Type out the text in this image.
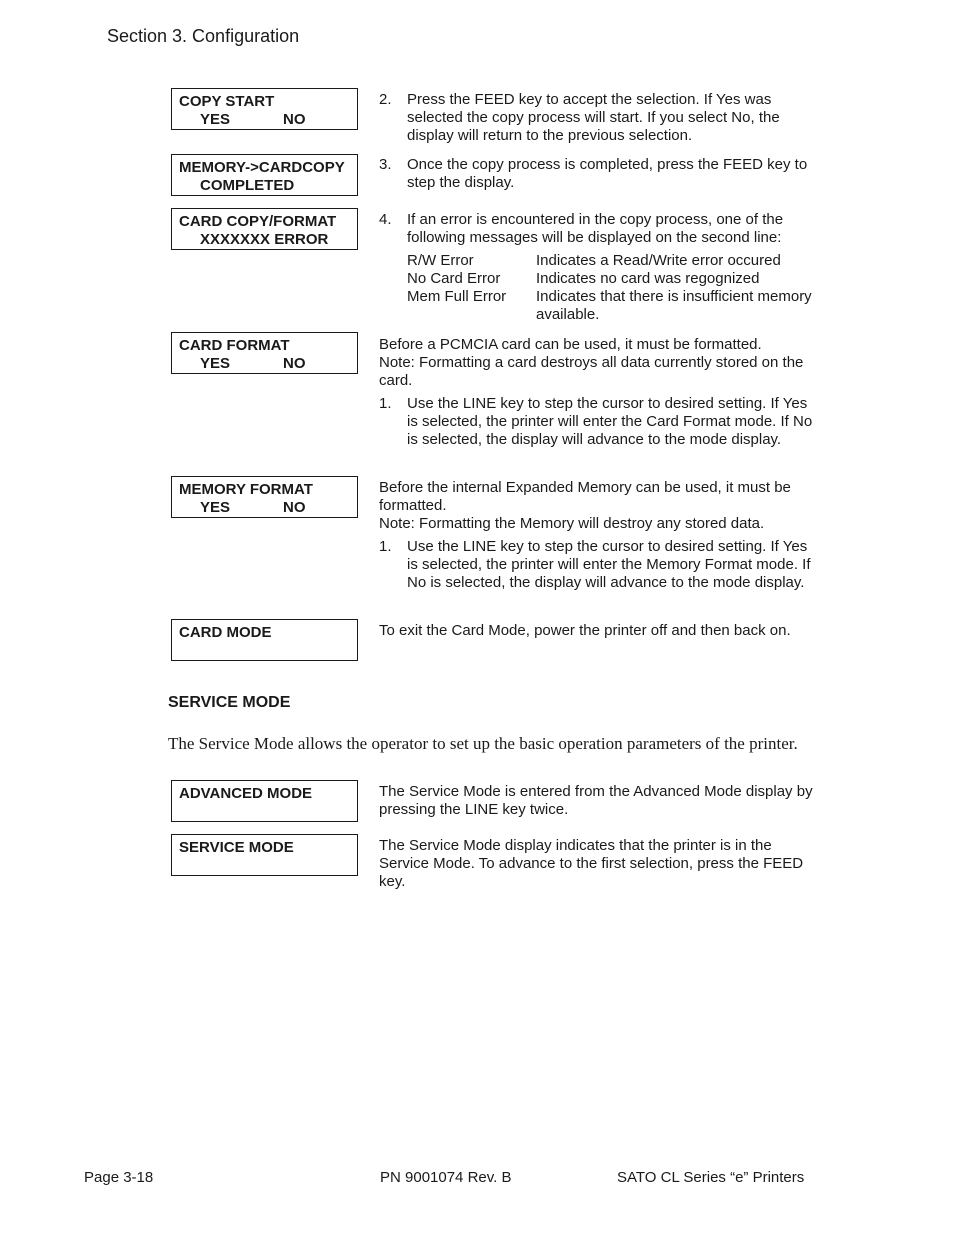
Section 3. Configuration
COPY START
YES	NO
2. Press the FEED key to accept the selection. If Yes was selected the copy process will start. If you select No, the display will return to the previous selection.
MEMORY->CARDCOPY
COMPLETED
3. Once the copy process is completed, press the FEED key to step the display.
CARD COPY/FORMAT
XXXXXXX ERROR
4. If an error is encountered in the copy process, one of the following messages will be displayed on the second line:
R/W Error	Indicates a Read/Write error occured
No Card Error	Indicates no card was regognized
Mem Full Error	Indicates that there is insufficient memory available.
CARD FORMAT
YES	NO

Before a PCMCIA card can be used, it must be formatted.

Note: Formatting a card destroys all data currently stored on the card.

1. Use the LINE key to step the cursor to desired setting. If Yes is selected, the printer will enter the Card Format mode. If No is selected, the display will advance to the mode display.
MEMORY FORMAT
YES	NO

Before the internal Expanded Memory can be used, it must be formatted.

Note: Formatting the Memory will destroy any stored data.

1. Use the LINE key to step the cursor to desired setting. If Yes is selected, the printer will enter the Memory Format mode. If No is selected, the display will advance to the mode display.
CARD MODE	To exit the Card Mode, power the printer off and then back on.

SERVICE MODE
The Service Mode allows the operator to set up the basic operation parameters of the printer.
ADVANCED MODE	The Service Mode is entered from the Advanced Mode display by pressing the LINE key twice.

SERVICE MODE	The Service Mode display indicates that the printer is in the Service Mode. To advance to the first selection, press the FEED key.

Page 3-18	PN 9001074 Rev. B	SATO CL Series “e” Printers
